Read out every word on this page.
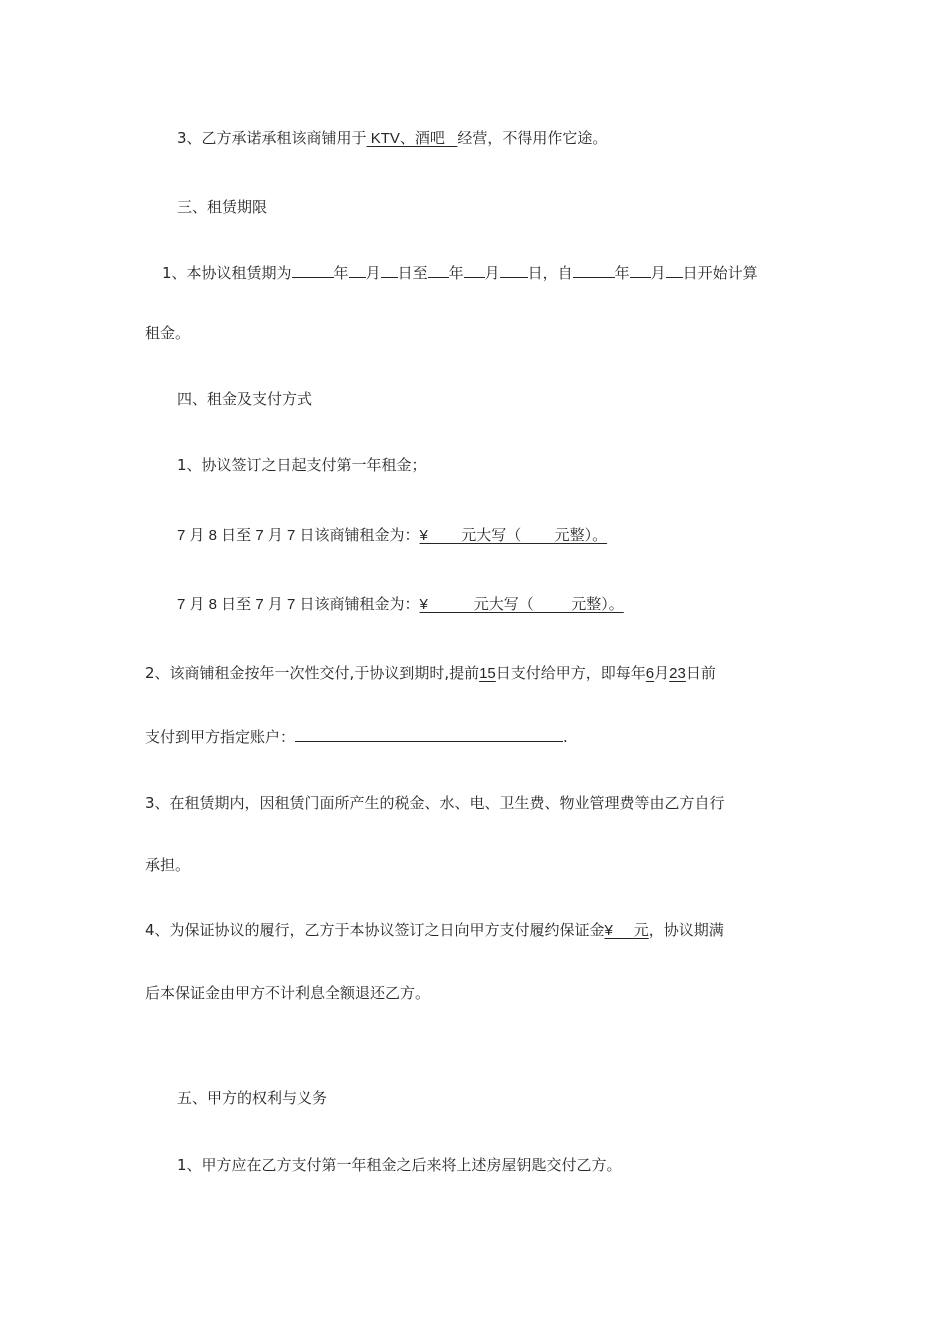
3、乙方承诺承租该商铺用于 KTV、酒吧 经营，不得用作它途。
三、租赁期限
1、本协议租赁期为	年 月 日至 年 月 日，自	年 月 日开始计算
租金。
四、租金及支付方式
1、协议签订之日起支付第一年租金；
7 月 8 日至 7 月 7 日该商铺租金为：¥        元大写（        元整）。
7 月 8 日至 7 月 7 日该商铺租金为：¥           元大写（         元整）。
2、该商铺租金按年一次性交付,于协议到期时,提前15日支付给甲方，即每年6月23日前
支付到甲方指定账户：	.
3、在租赁期内，因租赁门面所产生的税金、水、电、卫生费、物业管理费等由乙方自行
承担。
4、为保证协议的履行，乙方于本协议签订之日向甲方支付履约保证金¥     元，协议期满
后本保证金由甲方不计利息全额退还乙方。
五、甲方的权利与义务
1、甲方应在乙方支付第一年租金之后来将上述房屋钥匙交付乙方。
